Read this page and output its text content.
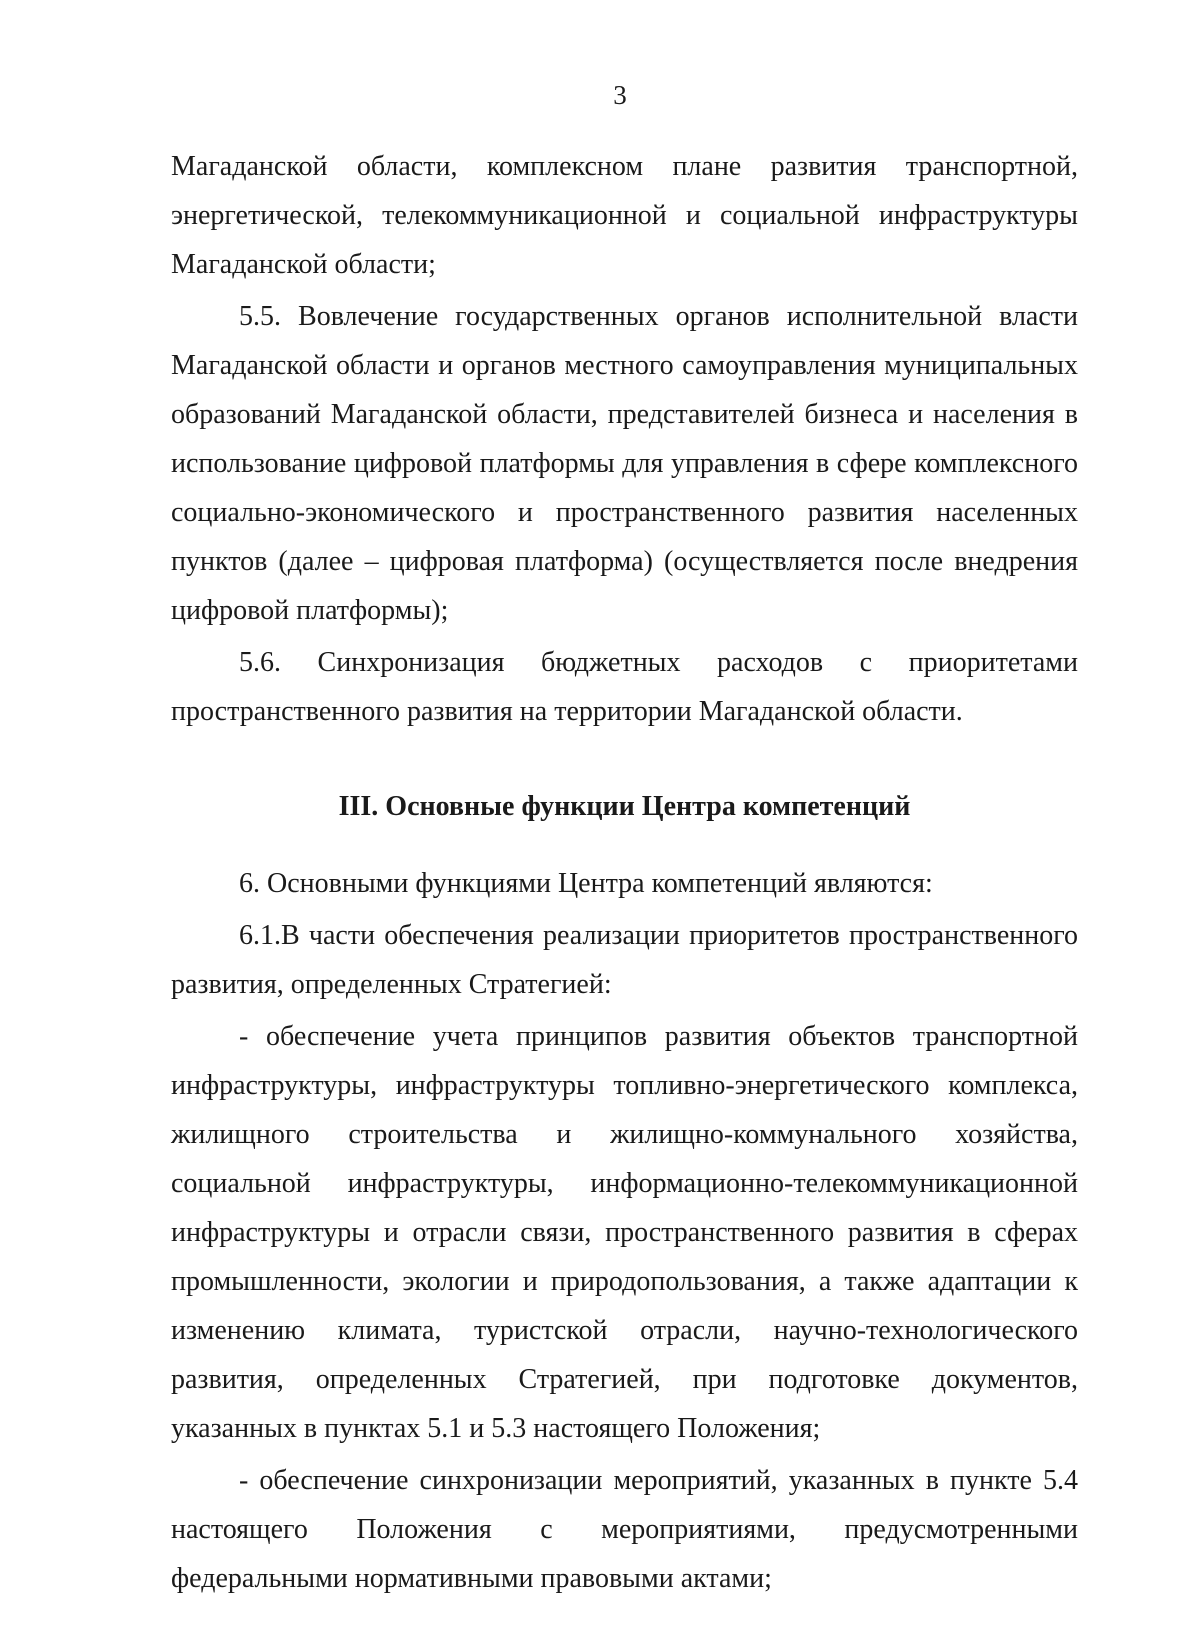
3

Магаданской области, комплексном плане развития транспортной, энергетической, телекоммуникационной и социальной инфраструктуры Магаданской области;

5.5. Вовлечение государственных органов исполнительной власти Магаданской области и органов местного самоуправления муниципальных образований Магаданской области, представителей бизнеса и населения в использование цифровой платформы для управления в сфере комплексного социально-экономического и пространственного развития населенных пунктов (далее – цифровая платформа) (осуществляется после внедрения цифровой платформы);

5.6. Синхронизация бюджетных расходов с приоритетами пространственного развития на территории Магаданской области.

III. Основные функции Центра компетенций

6. Основными функциями Центра компетенций являются:

6.1.В части обеспечения реализации приоритетов пространственного развития, определенных Стратегией:

- обеспечение учета принципов развития объектов транспортной инфраструктуры, инфраструктуры топливно-энергетического комплекса, жилищного строительства и жилищно-коммунального хозяйства, социальной инфраструктуры, информационно-телекоммуникационной инфраструктуры и отрасли связи, пространственного развития в сферах промышленности, экологии и природопользования, а также адаптации к изменению климата, туристской отрасли, научно-технологического развития, определенных Стратегией, при подготовке документов, указанных в пунктах 5.1 и 5.3 настоящего Положения;

- обеспечение синхронизации мероприятий, указанных в пункте 5.4 настоящего Положения с мероприятиями, предусмотренными федеральными нормативными правовыми актами;
